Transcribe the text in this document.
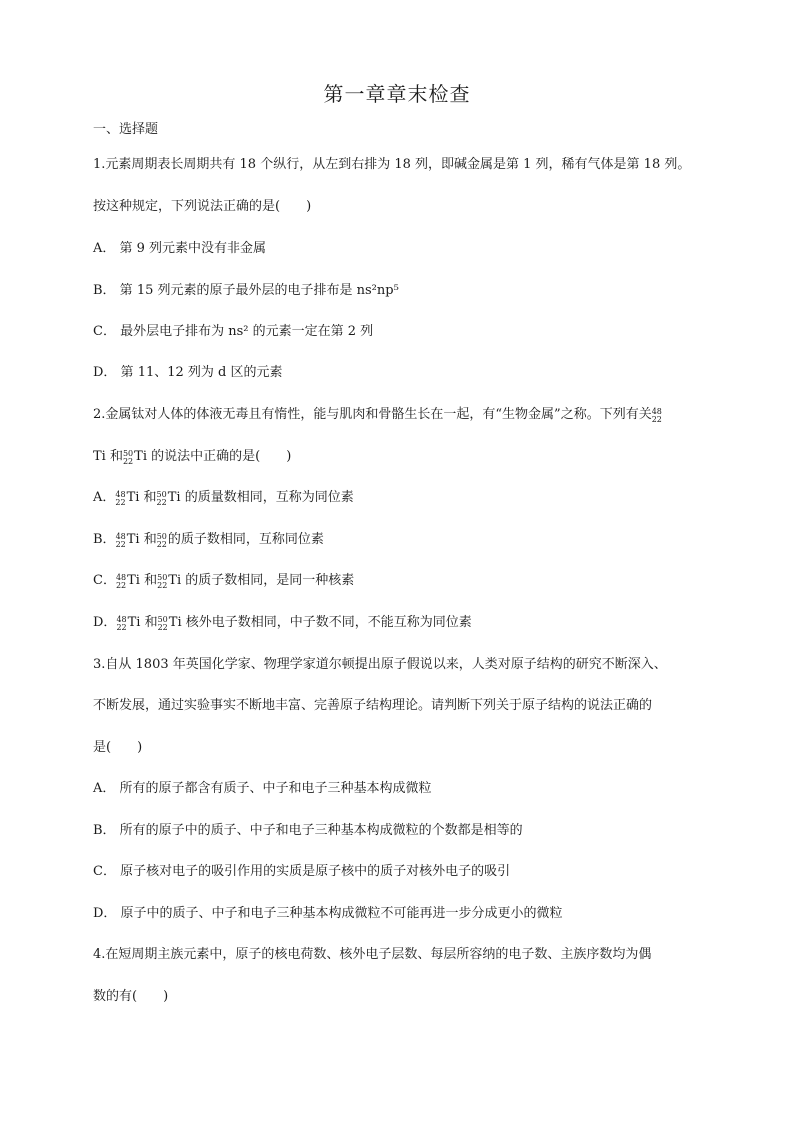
第一章章末检查
一、选择题
1.元素周期表长周期共有 18 个纵行，从左到右排为 18 列，即碱金属是第 1 列，稀有气体是第 18 列。
按这种规定，下列说法正确的是(　　)
A． 第 9 列元素中没有非金属
B． 第 15 列元素的原子最外层的电子排布是 ns²np⁵
C． 最外层电子排布为 ns² 的元素一定在第 2 列
D． 第 11、12 列为 d 区的元素
2.金属钛对人体的体液无毒且有惰性，能与肌肉和骨骼生长在一起，有“生物金属”之称。下列有关 48
22
Ti 和 50
22 Ti 的说法中正确的是(　　)
A． 48
22 Ti 和 50
22 Ti 的质量数相同，互称为同位素
B． 48
22 Ti 和 50
22 的质子数相同，互称同位素
C． 48
22 Ti 和 50
22 Ti 的质子数相同，是同一种核素
D． 48
22 Ti 和 50
22 Ti 核外电子数相同，中子数不同，不能互称为同位素
3.自从 1803 年英国化学家、物理学家道尔顿提出原子假说以来，人类对原子结构的研究不断深入、
不断发展，通过实验事实不断地丰富、完善原子结构理论。请判断下列关于原子结构的说法正确的
是(　　)
A． 所有的原子都含有质子、中子和电子三种基本构成微粒
B． 所有的原子中的质子、中子和电子三种基本构成微粒的个数都是相等的
C． 原子核对电子的吸引作用的实质是原子核中的质子对核外电子的吸引
D． 原子中的质子、中子和电子三种基本构成微粒不可能再进一步分成更小的微粒
4.在短周期主族元素中，原子的核电荷数、核外电子层数、每层所容纳的电子数、主族序数均为偶
数的有(　　)
